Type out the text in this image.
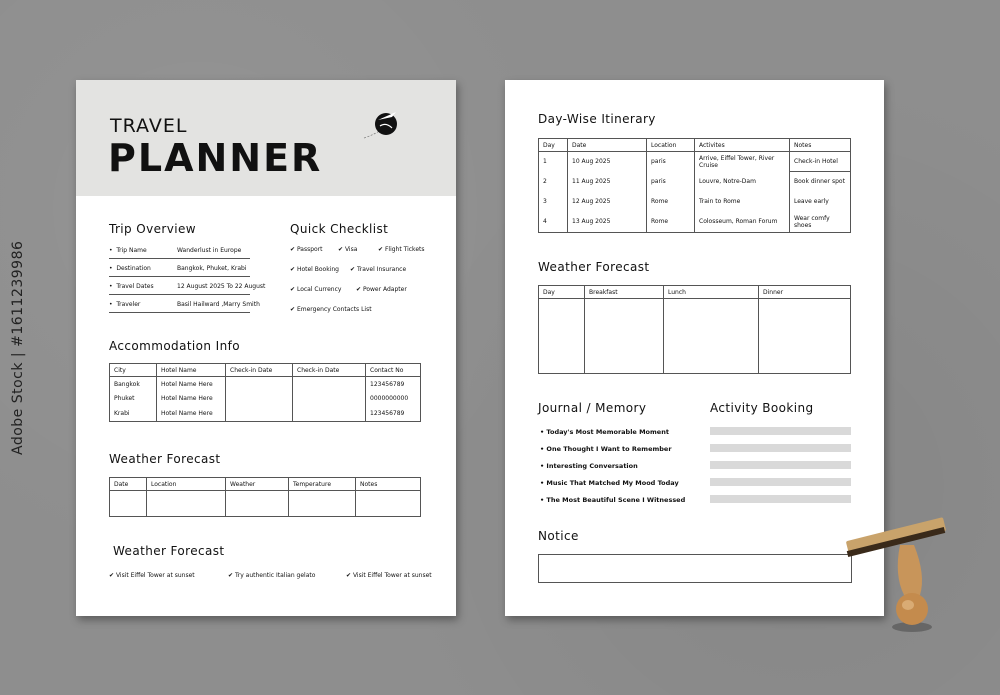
Adobe Stock | #1611239986
TRAVEL
PLANNER
Trip Overview
•  Trip Name	Wanderlust in Europe
•  Destination	Bangkok, Phuket, Krabi
•  Travel Dates	12 August 2025 To 22 August
•  Traveler	Basil Hailward ,Marry Smith
Quick Checklist
✔ Passport	✔ Visa	✔ Flight Tickets
✔ Hotel Booking ✔ Travel Insurance
✔ Local Currency ✔ Power Adapter
✔ Emergency Contacts List
Accommodation Info
City	Hotel Name	Check-in Date	Check-in Date	Contact No
Bangkok	Hotel Name Here			123456789
Phuket	Hotel Name Here			0000000000
Krabi	Hotel Name Here			123456789
Weather Forecast
Date	Location	Weather	Temperature	Notes

Weather Forecast
✔ Visit Eiffel Tower at sunset	✔ Try authentic Italian gelato	✔ Visit Eiffel Tower at sunset
Day-Wise Itinerary
Day	Date	Location	Activites	Notes
1	10 Aug 2025	paris	Arrive, Eiffel Tower, River Cruise	Check-in Hotel
2	11 Aug 2025	paris	Louvre, Notre-Dam	Book dinner spot
3	12 Aug 2025	Rome	Train to Rome	Leave early
4	13 Aug 2025	Rome	Colosseum, Roman Forum	Wear comfy shoes
Weather Forecast
Day	Breakfast	Lunch	Dinner

Journal / Memory
• Today's Most Memorable Moment
• One Thought I Want to Remember
• Interesting Conversation
• Music That Matched My Mood Today
• The Most Beautiful Scene I Witnessed
Activity Booking
Notice
